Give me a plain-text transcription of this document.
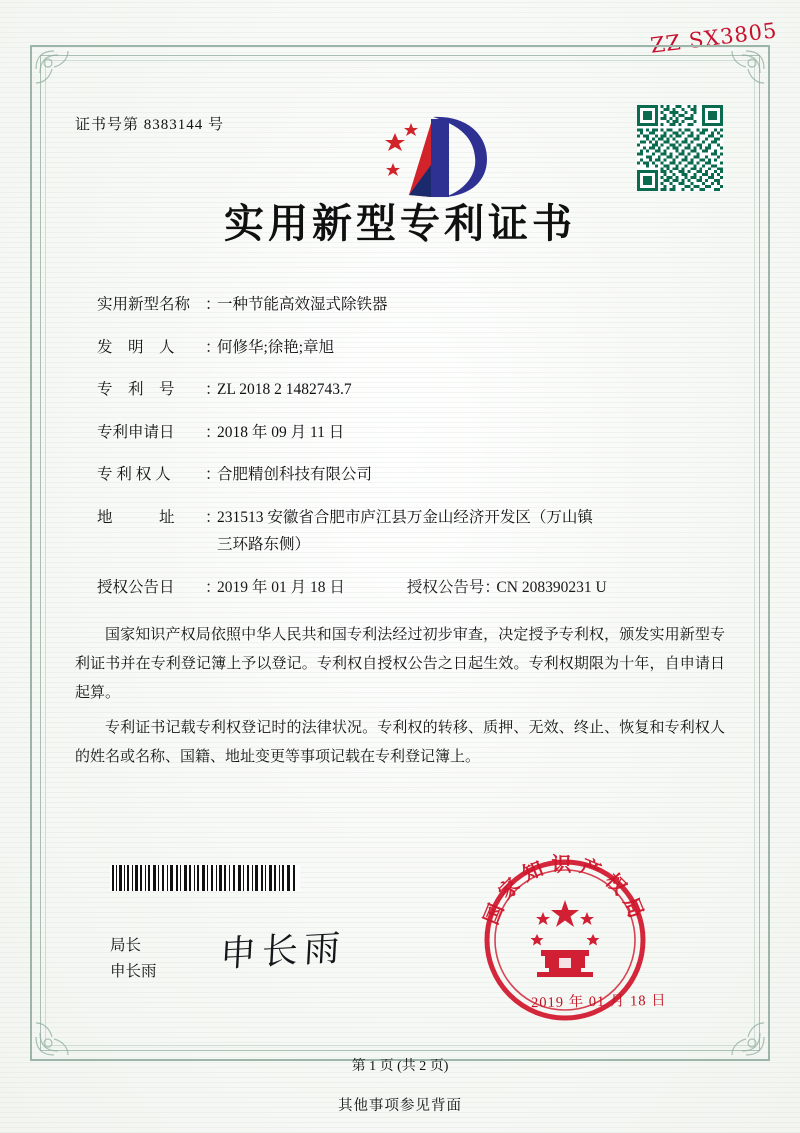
ZZ SX3805
证书号第 8383144 号
实用新型专利证书
实用新型名称 ：
一种节能高效湿式除铁器
发　明　人	：
何修华;徐艳;章旭
专　利　号	：
ZL 2018 2 1482743.7
专利申请日	：
2018 年 09 月 11 日
专 利 权 人	：
合肥精创科技有限公司
地　　　址	：
231513 安徽省合肥市庐江县万金山经济开发区（万山镇
三环路东侧）
授权公告日	：
2019 年 01 月 18 日	授权公告号 ：
CN 208390231 U

国家知识产权局依照中华人民共和国专利法经过初步审查，决定授予专利权，颁发实用新型专利证书并在专利登记簿上予以登记。专利权自授权公告之日起生效。专利权期限为十年，自申请日起算。

专利证书记载专利权登记时的法律状况。专利权的转移、质押、无效、终止、恢复和专利权人的姓名或名称、国籍、地址变更等事项记载在专利登记簿上。

局长
申长雨 申长雨
国家知识产权局
2019 年 01 月 18 日
第 1 页 (共 2 页)
其他事项参见背面
